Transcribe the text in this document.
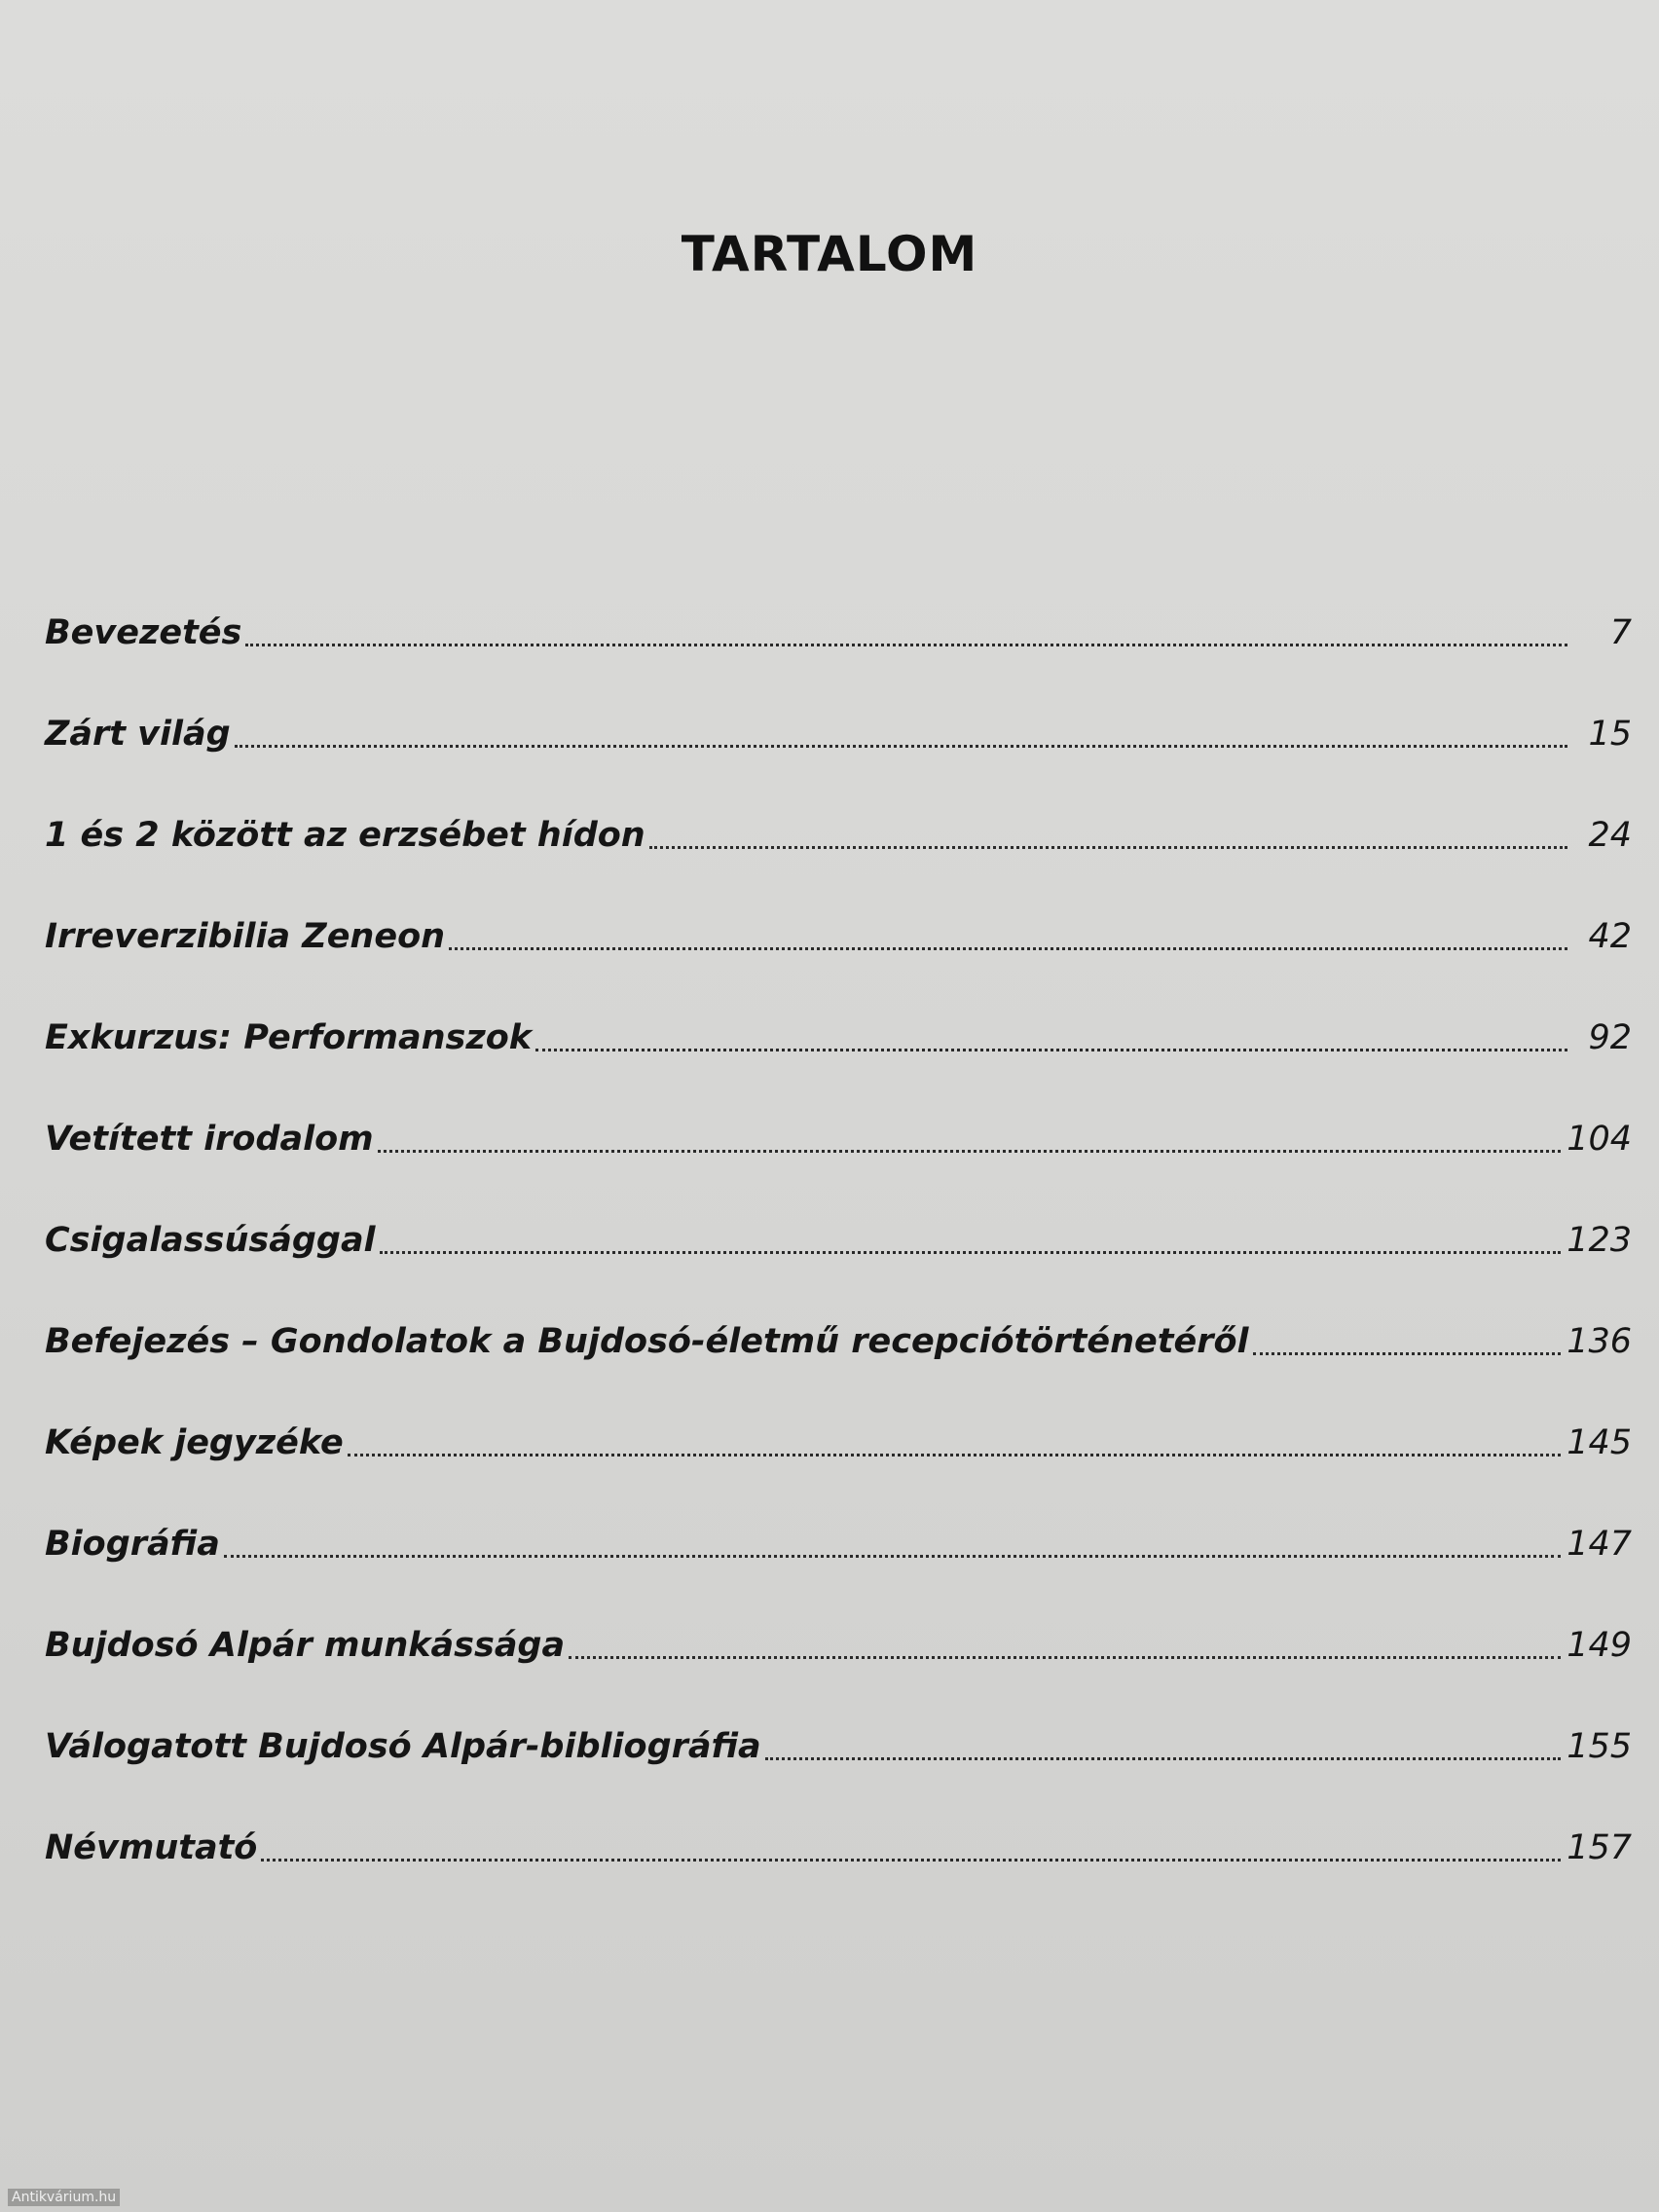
TARTALOM
Bevezetés	7
Zárt világ	15
1 és 2 között az erzsébet hídon	24
Irreverzibilia Zeneon	42
Exkurzus: Performanszok	92
Vetített irodalom	104
Csigalassúsággal	123
Befejezés – Gondolatok a Bujdosó-életmű recepciótörténetéről	136
Képek jegyzéke	145
Biográfia	147
Bujdosó Alpár munkássága	149
Válogatott Bujdosó Alpár-bibliográfia	155
Névmutató	157
Antikvárium.hu
